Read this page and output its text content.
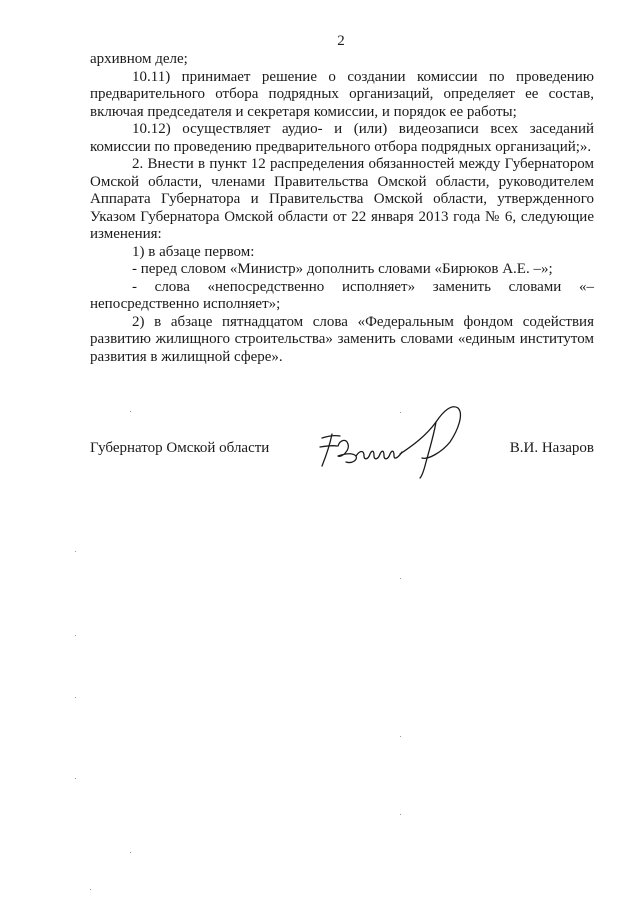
2

архивном деле;

10.11) принимает решение о создании комиссии по проведению предварительного отбора подрядных организаций, определяет ее состав, включая председателя и секретаря комиссии, и порядок ее работы;

10.12) осуществляет аудио- и (или) видеозаписи всех заседаний комиссии по проведению предварительного отбора подрядных организаций;».

2. Внести в пункт 12 распределения обязанностей между Губернатором Омской области, членами Правительства Омской области, руководителем Аппарата Губернатора и Правительства Омской области, утвержденного Указом Губернатора Омской области от 22 января 2013 года № 6, следующие изменения:

1) в абзаце первом:

- перед словом «Министр» дополнить словами «Бирюков А.Е. –»;

- слова «непосредственно исполняет» заменить словами «– непосредственно исполняет»;

2) в абзаце пятнадцатом слова «Федеральным фондом содействия развитию жилищного строительства» заменить словами «единым институтом развития в жилищной сфере».

Губернатор Омской области	В.И. Назаров
